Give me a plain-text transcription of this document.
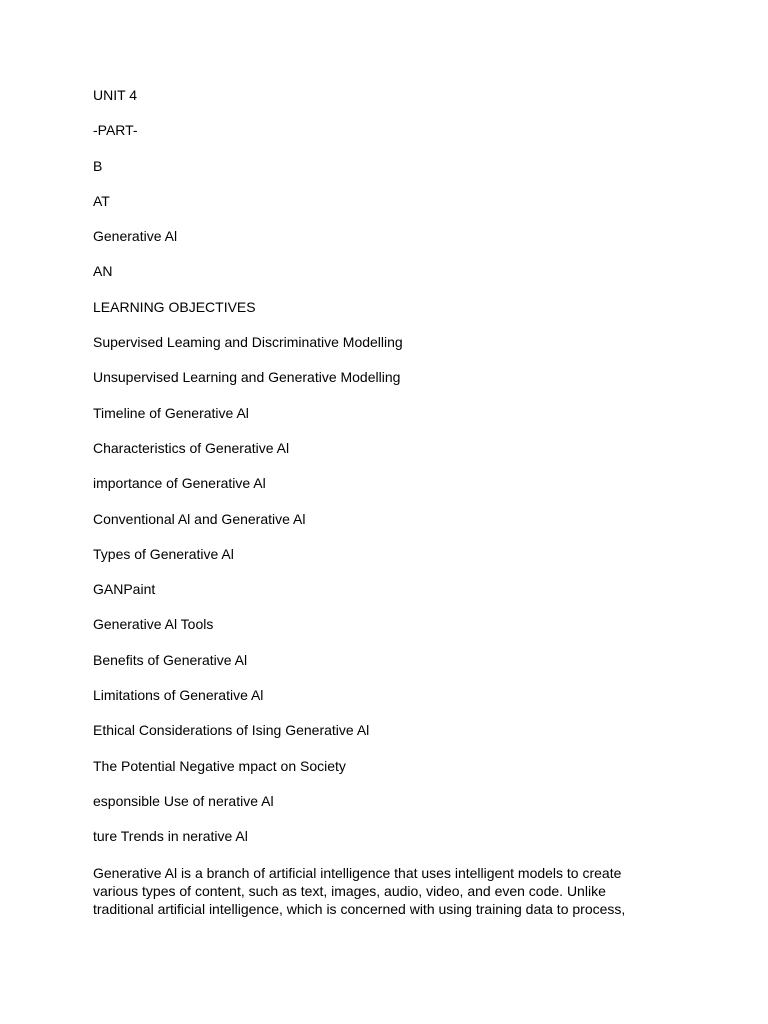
UNIT 4

-PART-

B

AT

Generative Al

AN

LEARNING OBJECTIVES

Supervised Leaming and Discriminative Modelling

Unsupervised Learning and Generative Modelling

Timeline of Generative Al

Characteristics of Generative Al

importance of Generative Al

Conventional Al and Generative Al

Types of Generative Al

GANPaint

Generative Al Tools

Benefits of Generative Al

Limitations of Generative Al

Ethical Considerations of Ising Generative Al

The Potential Negative mpact on Society

esponsible Use of nerative Al

ture Trends in nerative Al

Generative Al is a branch of artificial intelligence that uses intelligent models to create various types of content, such as text, images, audio, video, and even code. Unlike traditional artificial intelligence, which is concerned with using training data to process,
